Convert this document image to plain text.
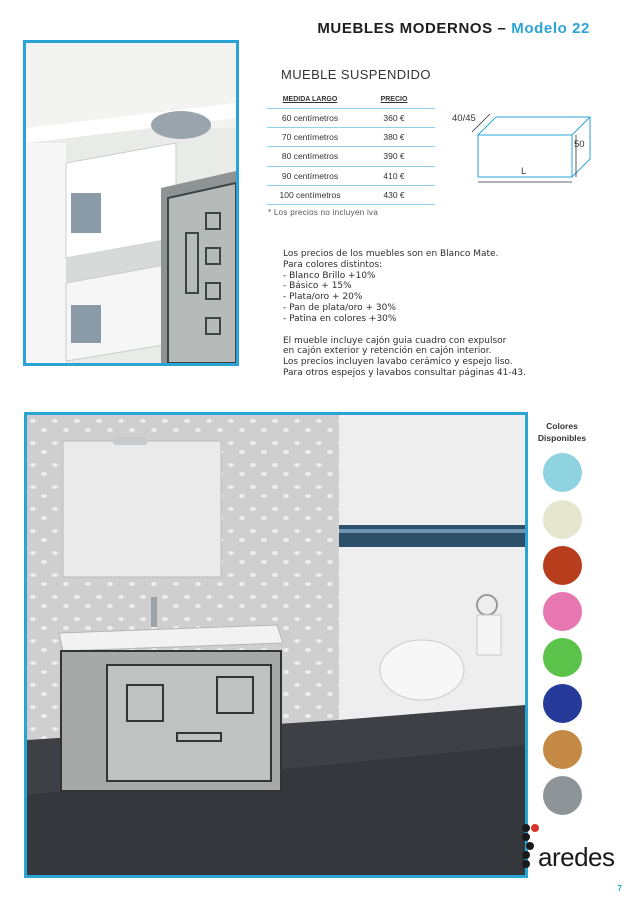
MUEBLES MODERNOS – Modelo 22
MUEBLE SUSPENDIDO
MEDIDA LARGO	PRECIO
60 centímetros	360 €
70 centímetros	380 €
80 centímetros	390 €
90 centímetros	410 €
100 centímetros	430 €
* Los precios no incluyen iva
40/45
50
L
Los precios de los muebles son en Blanco Mate.
Para colores distintos:
- Blanco Brillo +10%
- Básico + 15%
- Plata/oro + 20%
- Pan de plata/oro + 30%
- Patina en colores +30%
El mueble incluye cajón guia cuadro con expulsor
en cajón exterior y retención en cajón interior.
Los precios incluyen lavabo cerámico y espejo liso.
Para otros espejos y lavabos consultar páginas 41-43.
Colores
Disponibles
aredes
7
